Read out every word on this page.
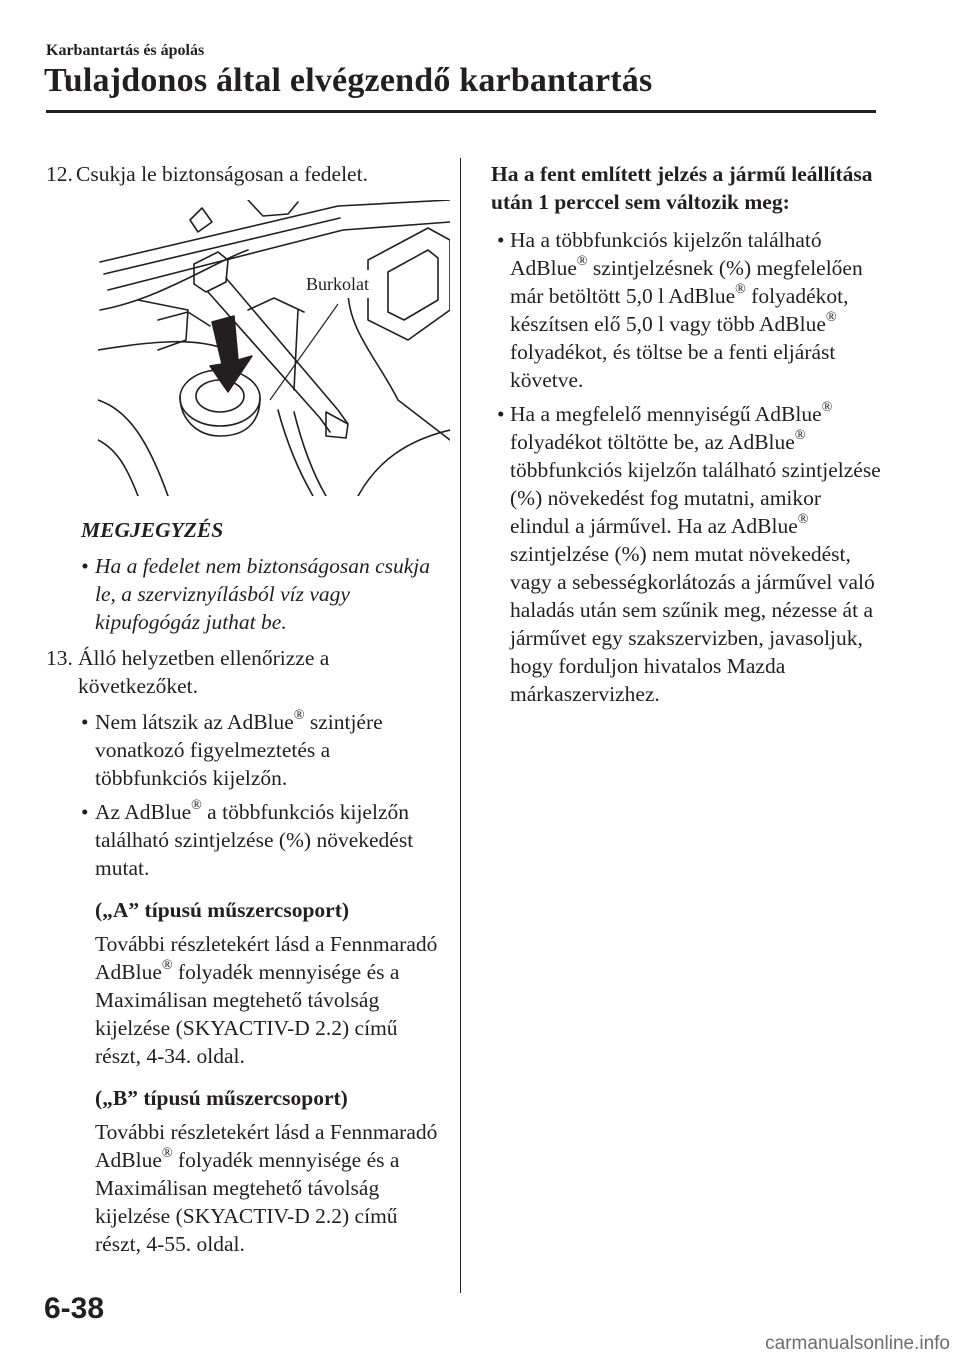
Karbantartás és ápolás
Tulajdonos által elvégzendő karbantartás
12. Csukja le biztonságosan a fedelet.
Burkolat
MEGJEGYZÉS
• Ha a fedelet nem biztonságosan csukja le, a szerviznyílásból víz vagy kipufogógáz juthat be.
13. Álló helyzetben ellenőrizze a következőket.
• Nem látszik az AdBlue® szintjére vonatkozó figyelmeztetés a többfunkciós kijelzőn.
• Az AdBlue® a többfunkciós kijelzőn található szintjelzése (%) növekedést mutat.
(„A” típusú műszercsoport)
További részletekért lásd a Fennmaradó AdBlue® folyadék mennyisége és a Maximálisan megtehető távolság kijelzése (SKYACTIV-D 2.2) című részt, 4-34. oldal.
(„B” típusú műszercsoport)
További részletekért lásd a Fennmaradó AdBlue® folyadék mennyisége és a Maximálisan megtehető távolság kijelzése (SKYACTIV-D 2.2) című részt, 4-55. oldal.
Ha a fent említett jelzés a jármű leállítása után 1 perccel sem változik meg:
• Ha a többfunkciós kijelzőn található AdBlue® szintjelzésnek (%) megfelelően már betöltött 5,0 l AdBlue® folyadékot, készítsen elő 5,0 l vagy több AdBlue® folyadékot, és töltse be a fenti eljárást követve.
• Ha a megfelelő mennyiségű AdBlue® folyadékot töltötte be, az AdBlue® többfunkciós kijelzőn található szintjelzése (%) növekedést fog mutatni, amikor elindul a járművel. Ha az AdBlue® szintjelzése (%) nem mutat növekedést, vagy a sebességkorlátozás a járművel való haladás után sem szűnik meg, nézesse át a járművet egy szakszervizben, javasoljuk, hogy forduljon hivatalos Mazda márkaszervizhez.
6-38
carmanualsonline.info
